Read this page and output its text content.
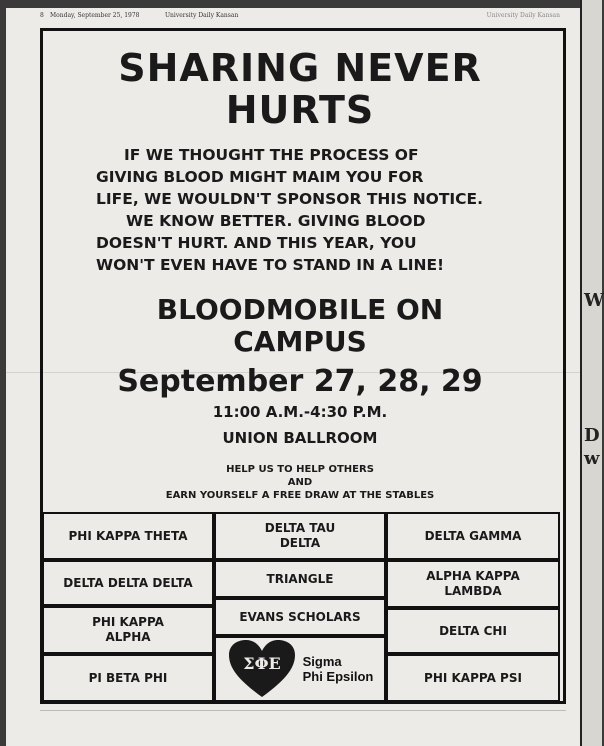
W
D
w
8 Monday, September 25, 1978	University Daily Kansan	University Daily Kansan
SHARING NEVER
HURTS
IF WE THOUGHT THE PROCESS OF
GIVING BLOOD MIGHT MAIM YOU FOR
LIFE, WE WOULDN'T SPONSOR THIS NOTICE.
WE KNOW BETTER. GIVING BLOOD
DOESN'T HURT. AND THIS YEAR, YOU
WON'T EVEN HAVE TO STAND IN A LINE!
BLOODMOBILE ON
CAMPUS
September 27, 28, 29
11:00 A.M.-4:30 P.M.
UNION BALLROOM
HELP US TO HELP OTHERS
AND
EARN YOURSELF A FREE DRAW AT THE STABLES
PHI KAPPA THETA
DELTA DELTA DELTA
PHI KAPPA ALPHA
PI BETA PHI
DELTA TAU DELTA
TRIANGLE
EVANS SCHOLARS
ΣΦΕ Sigma
Phi Epsilon
DELTA GAMMA
ALPHA KAPPA LAMBDA
DELTA CHI
PHI KAPPA PSI
